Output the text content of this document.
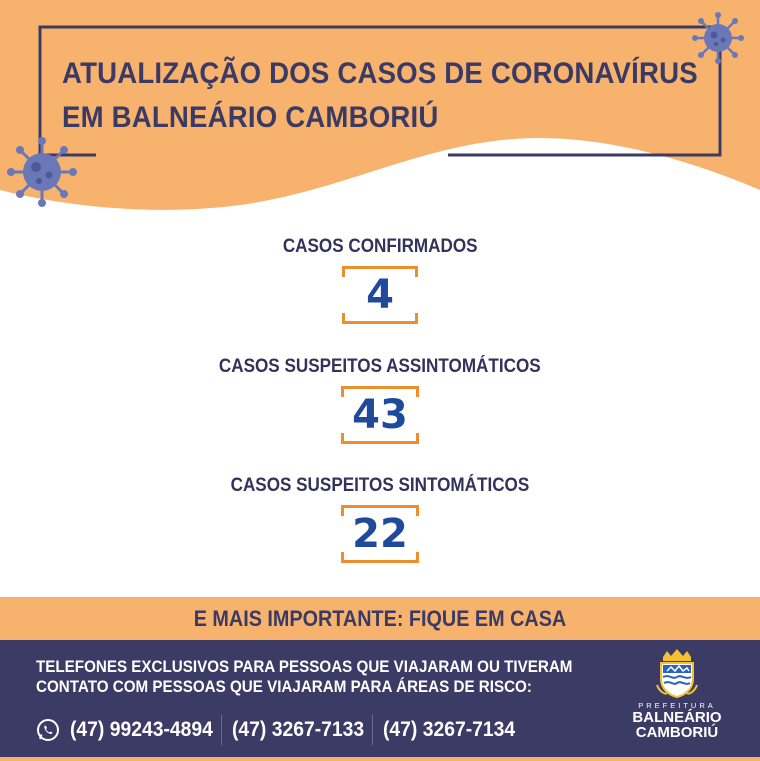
ATUALIZAÇÃO DOS CASOS DE CORONAVÍRUS
EM BALNEÁRIO CAMBORIÚ
CASOS CONFIRMADOS
4
CASOS SUSPEITOS ASSINTOMÁTICOS
43
CASOS SUSPEITOS SINTOMÁTICOS
22
E MAIS IMPORTANTE: FIQUE EM CASA
TELEFONES EXCLUSIVOS PARA PESSOAS QUE VIAJARAM OU TIVERAM
CONTATO COM PESSOAS QUE VIAJARAM PARA ÁREAS DE RISCO:
(47) 99243-4894 (47) 3267-7133 (47) 3267-7134
PREFEITURA
BALNEÁRIO
CAMBORIÚ
